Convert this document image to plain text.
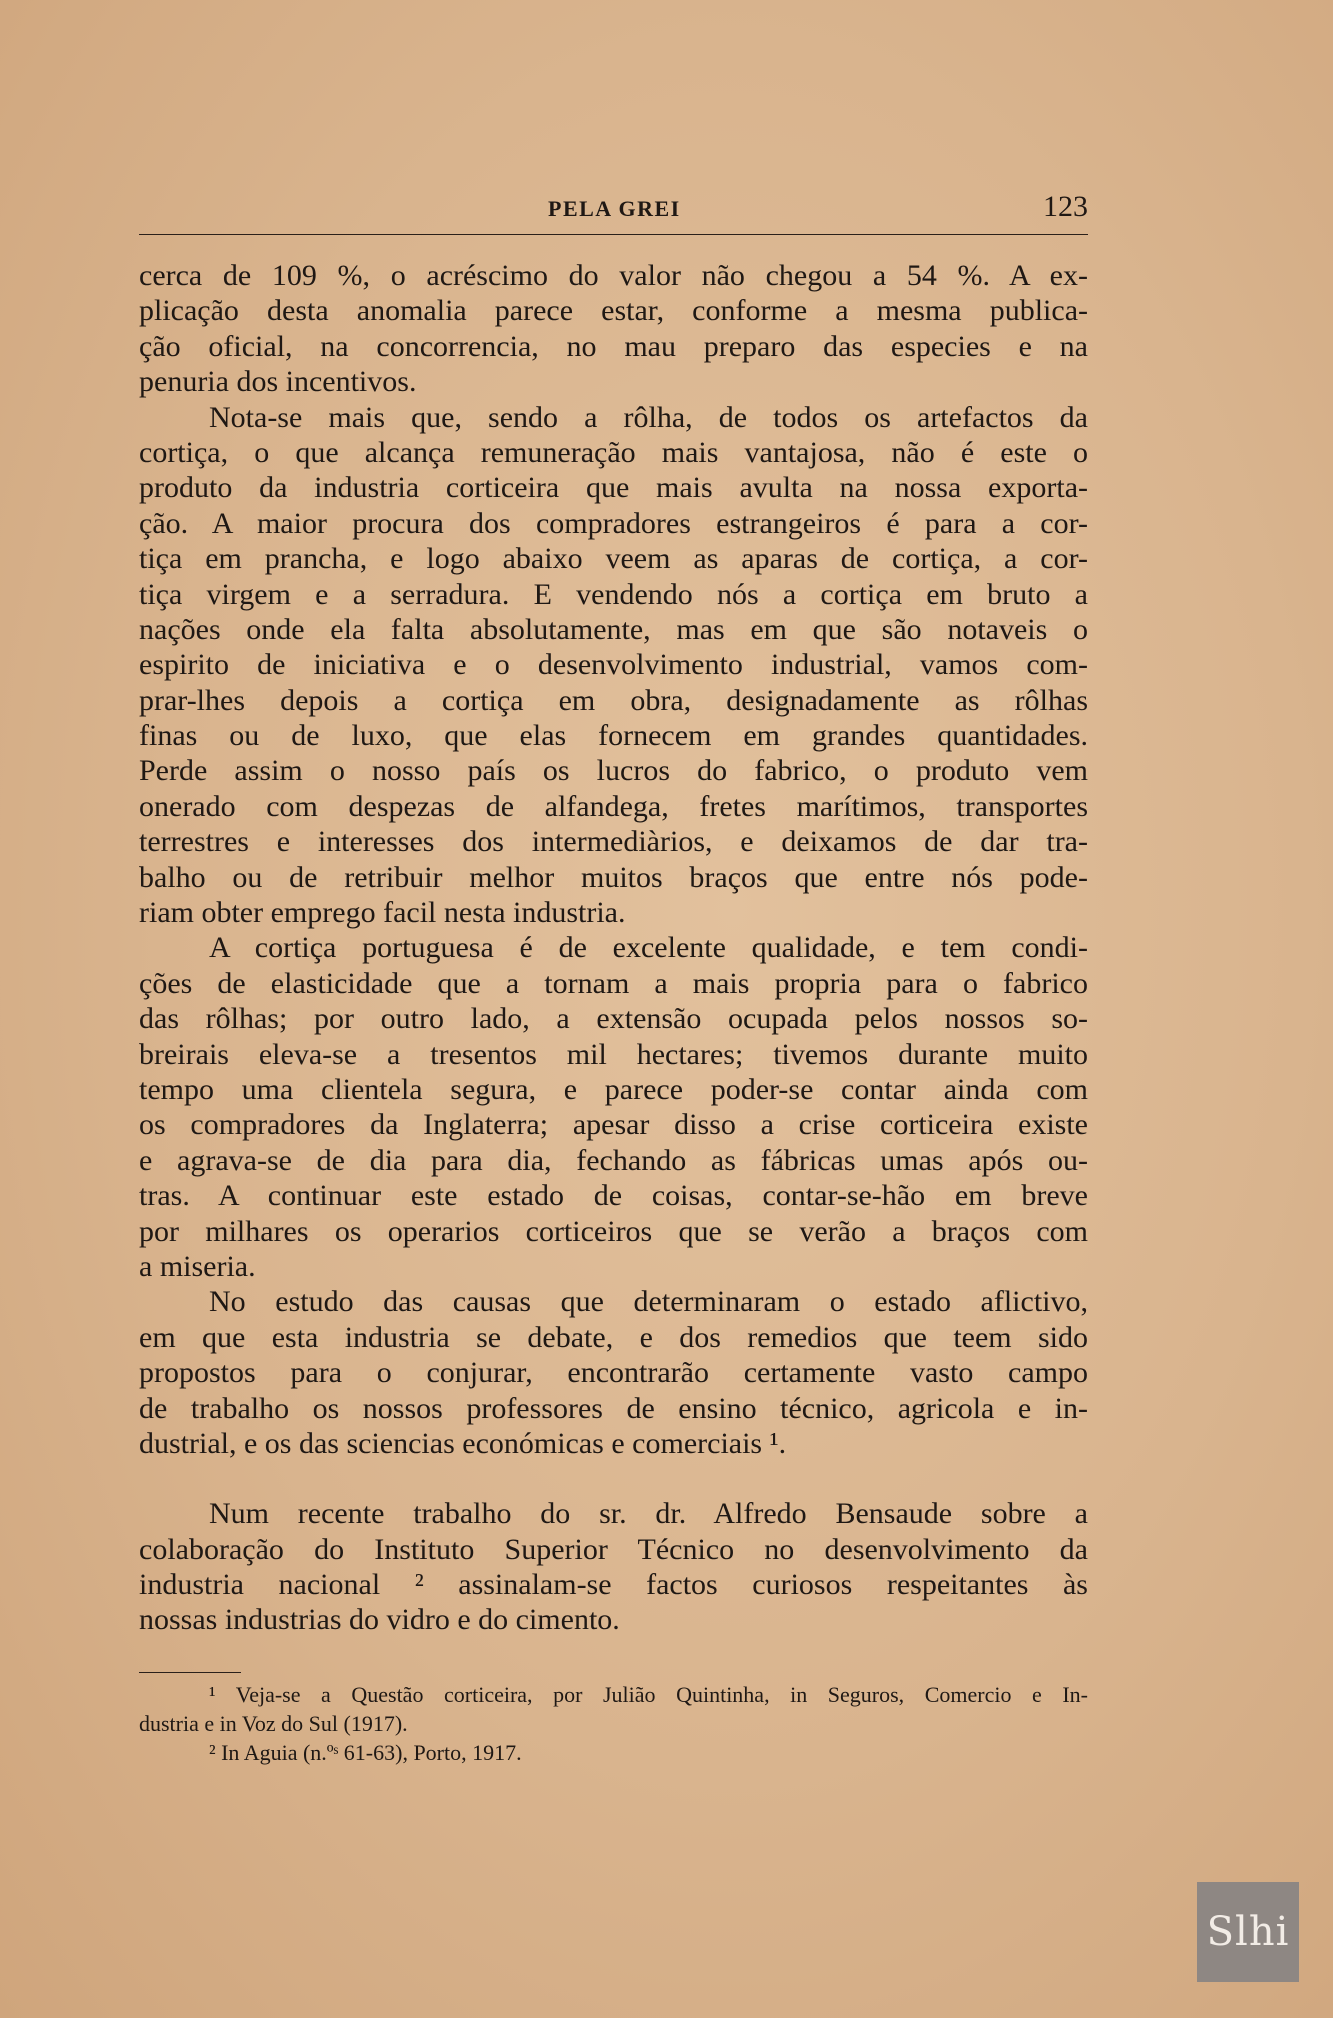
PELA GREI	123
cerca de 109 %, o acréscimo do valor não chegou a 54 %. A ex-
plicação desta anomalia parece estar, conforme a mesma publica-
ção oficial, na concorrencia, no mau preparo das especies e na
penuria dos incentivos.
Nota-se mais que, sendo a rôlha, de todos os artefactos da
cortiça, o que alcança remuneração mais vantajosa, não é este o
produto da industria corticeira que mais avulta na nossa exporta-
ção. A maior procura dos compradores estrangeiros é para a cor-
tiça em prancha, e logo abaixo veem as aparas de cortiça, a cor-
tiça virgem e a serradura. E vendendo nós a cortiça em bruto a
nações onde ela falta absolutamente, mas em que são notaveis o
espirito de iniciativa e o desenvolvimento industrial, vamos com-
prar-lhes depois a cortiça em obra, designadamente as rôlhas
finas ou de luxo, que elas fornecem em grandes quantidades.
Perde assim o nosso país os lucros do fabrico, o produto vem
onerado com despezas de alfandega, fretes marítimos, transportes
terrestres e interesses dos intermediàrios, e deixamos de dar tra-
balho ou de retribuir melhor muitos braços que entre nós pode-
riam obter emprego facil nesta industria.
A cortiça portuguesa é de excelente qualidade, e tem condi-
ções de elasticidade que a tornam a mais propria para o fabrico
das rôlhas; por outro lado, a extensão ocupada pelos nossos so-
breirais eleva-se a tresentos mil hectares; tivemos durante muito
tempo uma clientela segura, e parece poder-se contar ainda com
os compradores da Inglaterra; apesar disso a crise corticeira existe
e agrava-se de dia para dia, fechando as fábricas umas após ou-
tras. A continuar este estado de coisas, contar-se-hão em breve
por milhares os operarios corticeiros que se verão a braços com
a miseria.
No estudo das causas que determinaram o estado aflictivo,
em que esta industria se debate, e dos remedios que teem sido
propostos para o conjurar, encontrarão certamente vasto campo
de trabalho os nossos professores de ensino técnico, agricola e in-
dustrial, e os das sciencias económicas e comerciais ¹.
Num recente trabalho do sr. dr. Alfredo Bensaude sobre a
colaboração do Instituto Superior Técnico no desenvolvimento da
industria nacional ² assinalam-se factos curiosos respeitantes às
nossas industrias do vidro e do cimento.
¹ Veja-se a Questão corticeira, por Julião Quintinha, in Seguros, Comercio e In-
dustria e in Voz do Sul (1917).
² In Aguia (n.ºˢ 61-63), Porto, 1917.
Slhi
